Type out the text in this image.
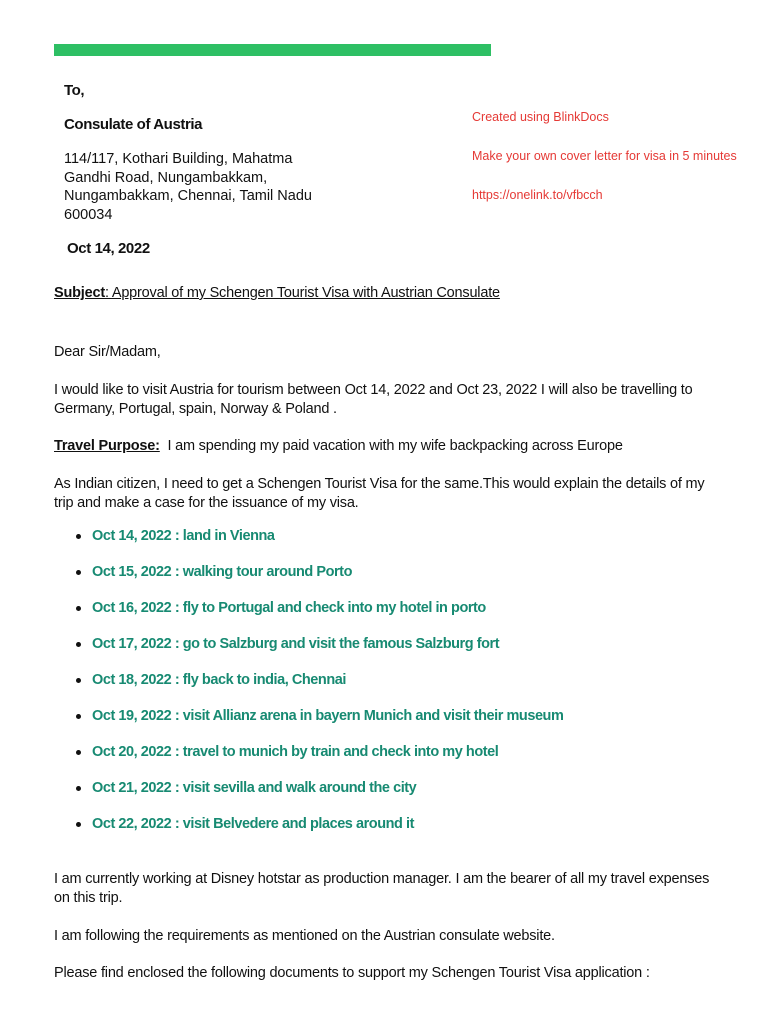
To,
Consulate of Austria
114/117, Kothari Building, Mahatma Gandhi Road, Nungambakkam, Nungambakkam, Chennai, Tamil Nadu 600034
Oct 14, 2022

Created using BlinkDocs

Make your own cover letter for visa in 5 minutes

https://onelink.to/vfbcch

Subject: Approval of my Schengen Tourist Visa with Austrian Consulate

Dear Sir/Madam,

I would like to visit Austria for tourism between Oct 14, 2022 and Oct 23, 2022 I will also be travelling to Germany, Portugal, spain, Norway & Poland .

Travel Purpose:  I am spending my paid vacation with my wife backpacking across Europe

As Indian citizen, I need to get a Schengen Tourist Visa for the same.This would explain the details of my trip and make a case for the issuance of my visa.

Oct 14, 2022 : land in Vienna
Oct 15, 2022 : walking tour around Porto
Oct 16, 2022 : fly to Portugal and check into my hotel in porto
Oct 17, 2022 : go to Salzburg and visit the famous Salzburg fort
Oct 18, 2022 : fly back to india, Chennai
Oct 19, 2022 : visit Allianz arena in bayern Munich and visit their museum
Oct 20, 2022 : travel to munich by train and check into my hotel
Oct 21, 2022 : visit sevilla and walk around the city
Oct 22, 2022 : visit Belvedere and places around it

I am currently working at Disney hotstar as production manager. I am the bearer of all my travel expenses on this trip.

I am following the requirements as mentioned on the Austrian consulate website.

Please find enclosed the following documents to support my Schengen Tourist Visa application :
